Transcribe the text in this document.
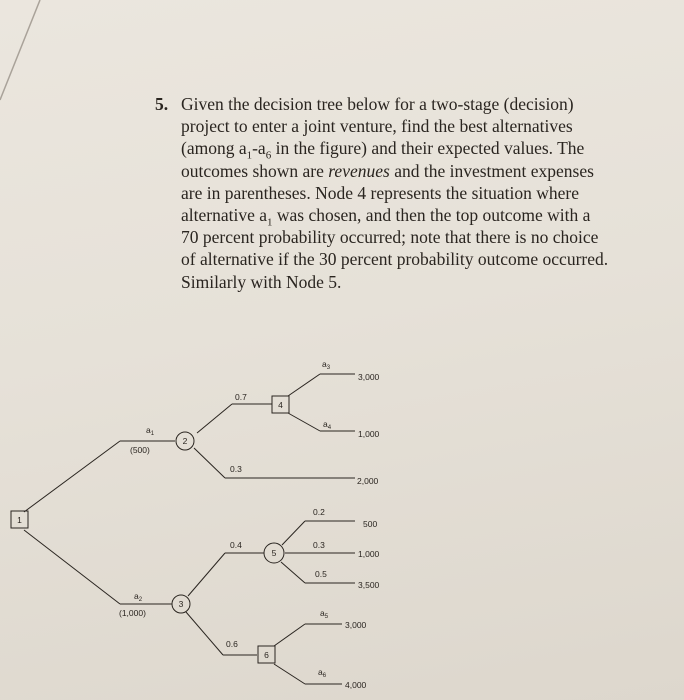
5. Given the decision tree below for a two-stage (decision)
project to enter a joint venture, find the best alternatives
(among $a_1-a_6$ in the figure) and their expected values. The
outcomes shown are revenues and the investment expenses
are in parentheses. Node 4 represents the situation where
alternative $a_1$ was chosen, and then the top outcome with a
70 percent probability occurred; note that there is no choice
of alternative if the 30 percent probability outcome occurred.
Similarly with Node 5.
1
2
3
4
5
6
$a_1$
(500)
$a_2$
(1,000)
$a_3$
$a_4$
$a_5$
$a_6$
0.7
0.3
0.4
0.6
0.2
0.3
0.5
3,000
1,000
2,000
500
1,000
3,500
3,000
4,000
